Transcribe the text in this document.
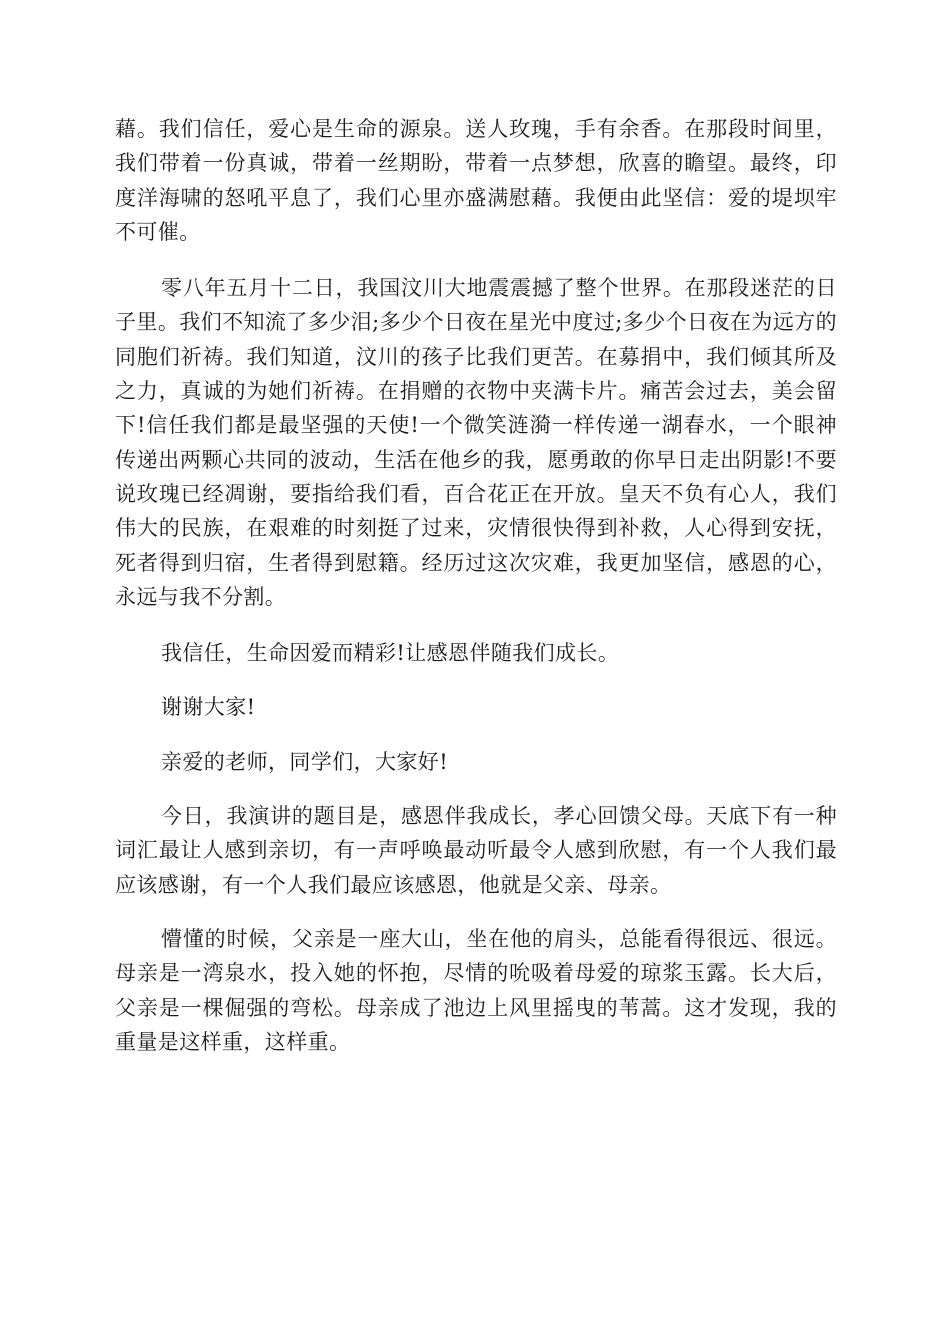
藉。我们信任，爱心是生命的源泉。送人玫瑰，手有余香。在那段时间里，我们带着一份真诚，带着一丝期盼，带着一点梦想，欣喜的瞻望。最终，印度洋海啸的怒吼平息了，我们心里亦盛满慰藉。我便由此坚信：爱的堤坝牢不可催。

零八年五月十二日，我国汶川大地震震撼了整个世界。在那段迷茫的日子里。我们不知流了多少泪;多少个日夜在星光中度过;多少个日夜在为远方的同胞们祈祷。我们知道，汶川的孩子比我们更苦。在募捐中，我们倾其所及之力，真诚的为她们祈祷。在捐赠的衣物中夹满卡片。痛苦会过去，美会留下!信任我们都是最坚强的天使!一个微笑涟漪一样传递一湖春水，一个眼神传递出两颗心共同的波动，生活在他乡的我，愿勇敢的你早日走出阴影!不要说玫瑰已经凋谢，要指给我们看，百合花正在开放。皇天不负有心人，我们伟大的民族，在艰难的时刻挺了过来，灾情很快得到补救，人心得到安抚，死者得到归宿，生者得到慰籍。经历过这次灾难，我更加坚信，感恩的心，永远与我不分割。

我信任，生命因爱而精彩!让感恩伴随我们成长。

谢谢大家!

亲爱的老师，同学们，大家好!

今日，我演讲的题目是，感恩伴我成长，孝心回馈父母。天底下有一种词汇最让人感到亲切，有一声呼唤最动听最令人感到欣慰，有一个人我们最应该感谢，有一个人我们最应该感恩，他就是父亲、母亲。

懵懂的时候，父亲是一座大山，坐在他的肩头，总能看得很远、很远。母亲是一湾泉水，投入她的怀抱，尽情的吮吸着母爱的琼浆玉露。长大后，父亲是一棵倔强的弯松。母亲成了池边上风里摇曳的苇蒿。这才发现，我的重量是这样重，这样重。
